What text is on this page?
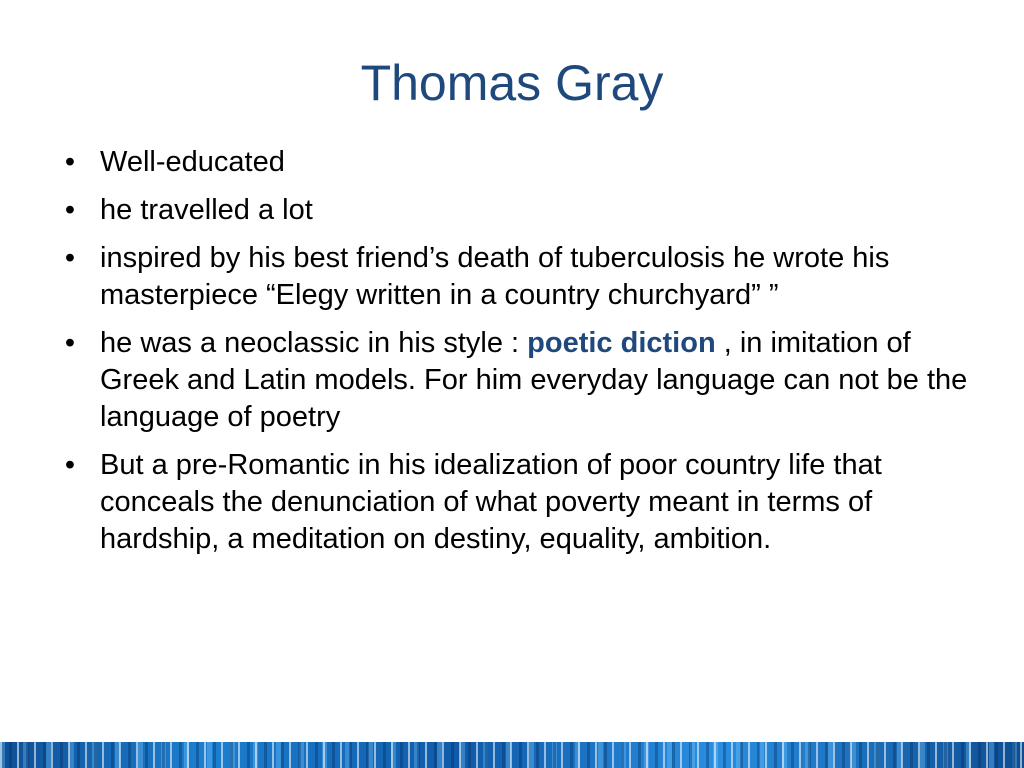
Thomas Gray
• Well-educated
• he travelled a lot
• inspired by his best friend’s death of tuberculosis he wrote his masterpiece “Elegy written in a country churchyard” ”
• he was a neoclassic in his style : poetic diction , in imitation of Greek and Latin models. For him everyday language can not be the language of poetry
• But a pre-Romantic in his idealization of poor country life that conceals the denunciation of what poverty meant in terms of hardship, a meditation on destiny, equality, ambition.
